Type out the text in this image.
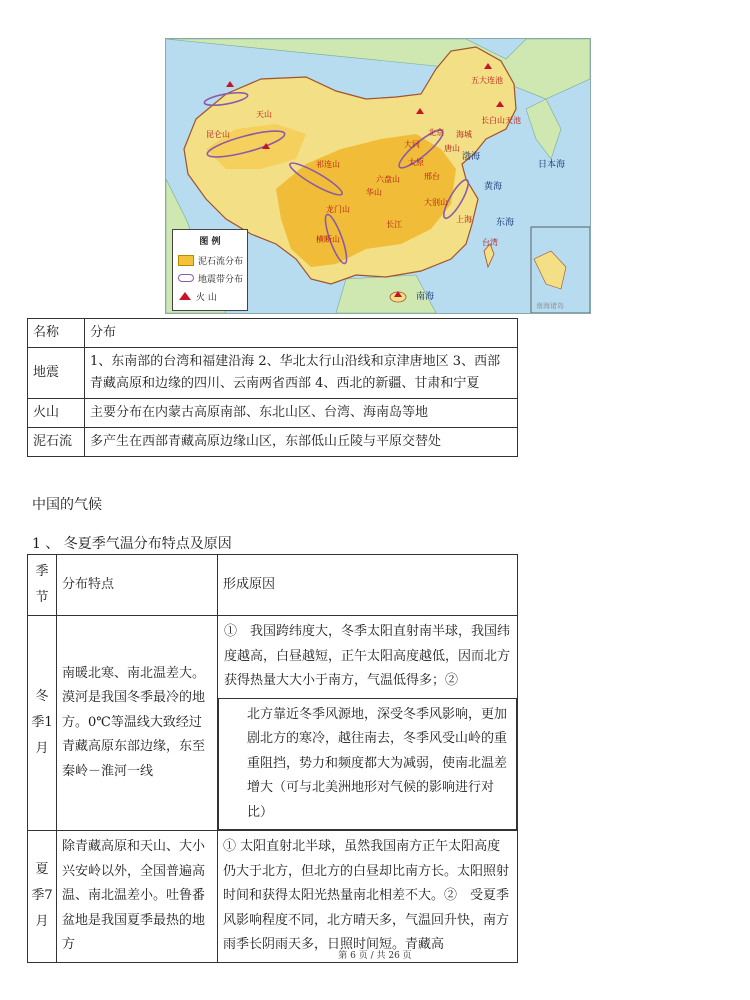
五大连池
长白山天池
北京
大同
海城
唐山
太原
邢台
昆仑山
天山
祁连山
六盘山
龙门山
大别山
长江
横断山
华山
台湾
上海
渤海
黄海
东海
南海
日本海
南海诸岛
图 例
泥石流分布
地震带分布
火 山
名称	分布
地震	1、东南部的台湾和福建沿海 2、华北太行山沿线和京津唐地区 3、西部青藏高原和边缘的四川、云南两省西部 4、西北的新疆、甘肃和宁夏
火山	主要分布在内蒙古高原南部、东北山区、台湾、海南岛等地
泥石流	多产生在西部青藏高原边缘山区，东部低山丘陵与平原交替处
中国的气候
1 、 冬夏季气温分布特点及原因
季节	分布特点	形成原因
冬季1月	南暖北寒、南北温差大。漠河是我国冬季最冷的地方。0℃等温线大致经过青藏高原东部边缘，东至秦岭－淮河一线	①　我国跨纬度大，冬季太阳直射南半球，我国纬度越高，白昼越短，正午太阳高度越低，因而北方获得热量大大小于南方，气温低得多；②　
北方靠近冬季风源地，深受冬季风影响，更加剧北方的寒冷，越往南去，冬季风受山岭的重重阻挡，势力和频度都大为减弱，使南北温差增大（可与北美洲地形对气候的影响进行对比）

夏季7月	除青藏高原和天山、大小兴安岭以外，全国普遍高温、南北温差小。吐鲁番盆地是我国夏季最热的地方	① 太阳直射北半球，虽然我国南方正午太阳高度仍大于北方，但北方的白昼却比南方长。太阳照射时间和获得太阳光热量南北相差不大。②　受夏季风影响程度不同，北方晴天多，气温回升快，南方雨季长阴雨天多，日照时间短。青藏高
第 6 页 / 共 26 页
